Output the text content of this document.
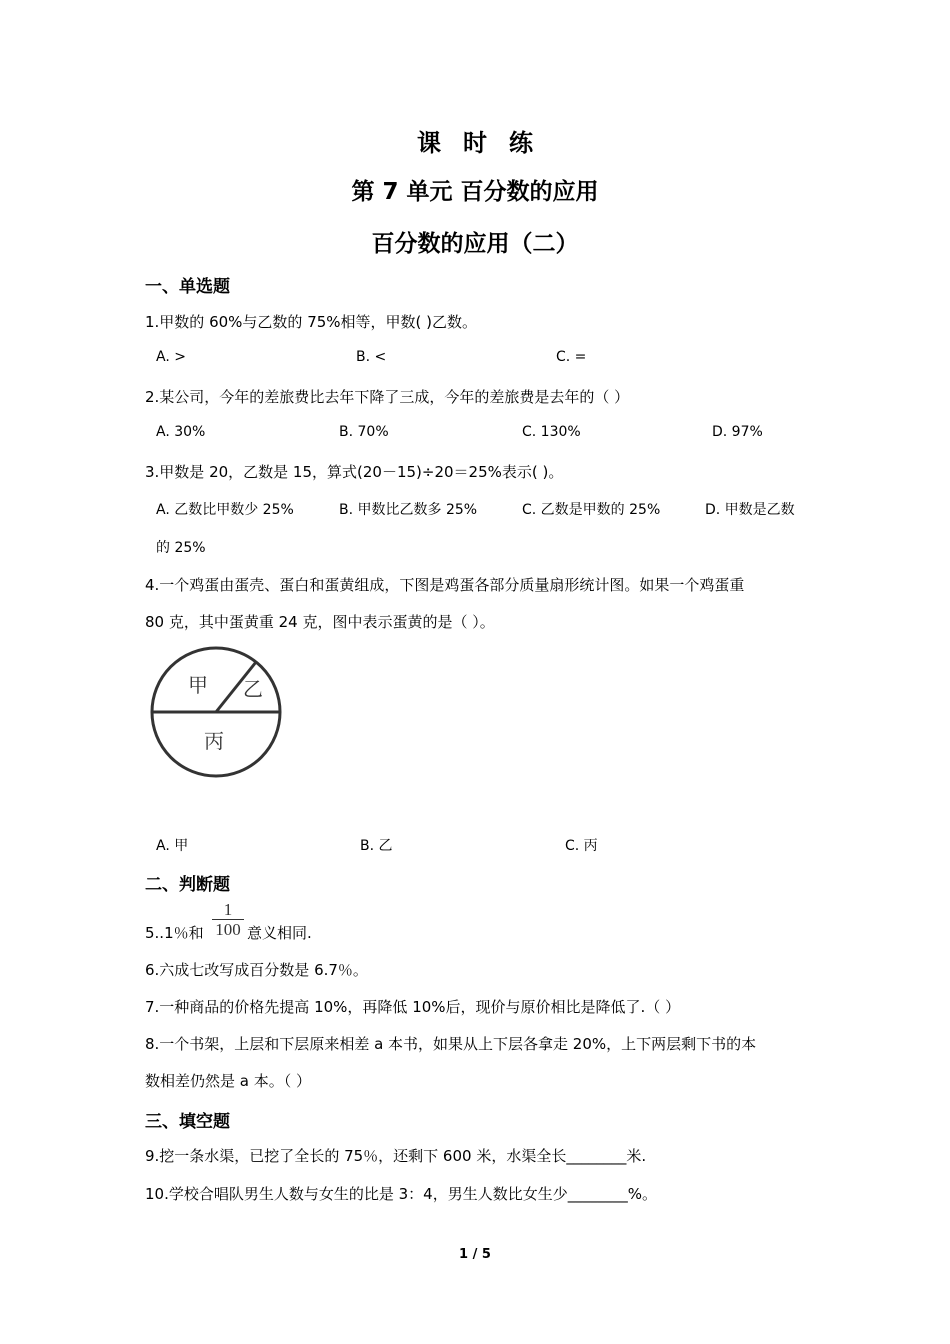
课时练
第 7 单元 百分数的应用
百分数的应用（二）
一、单选题
1.甲数的 60%与乙数的 75%相等，甲数( )乙数。
A. >	B. <	C. =
2.某公司，今年的差旅费比去年下降了三成，今年的差旅费是去年的（ ）
A. 30%	B. 70%	C. 130%	D. 97%
3.甲数是 20，乙数是 15，算式(20－15)÷20＝25%表示( )。
A. 乙数比甲数少 25%	B. 甲数比乙数多 25%	C. 乙数是甲数的 25%	D. 甲数是乙数
的 25%
4.一个鸡蛋由蛋壳、蛋白和蛋黄组成，下图是鸡蛋各部分质量扇形统计图。如果一个鸡蛋重
80 克，其中蛋黄重 24 克，图中表示蛋黄的是（ ）。
甲 乙
丙
A. 甲	B. 乙	C. 丙
二、判断题
5..1％和
1
100 意义相同.
6.六成七改写成百分数是 6.7％。
7.一种商品的价格先提高 10%，再降低 10%后，现价与原价相比是降低了.（ ）
8.一个书架，上层和下层原来相差 a 本书，如果从上下层各拿走 20%，上下两层剩下书的本
数相差仍然是 a 本。（ ）
三、填空题
9.挖一条水渠，已挖了全长的 75％，还剩下 600 米，水渠全长________米.
10.学校合唱队男生人数与女生的比是 3：4，男生人数比女生少________%。
1 / 5
